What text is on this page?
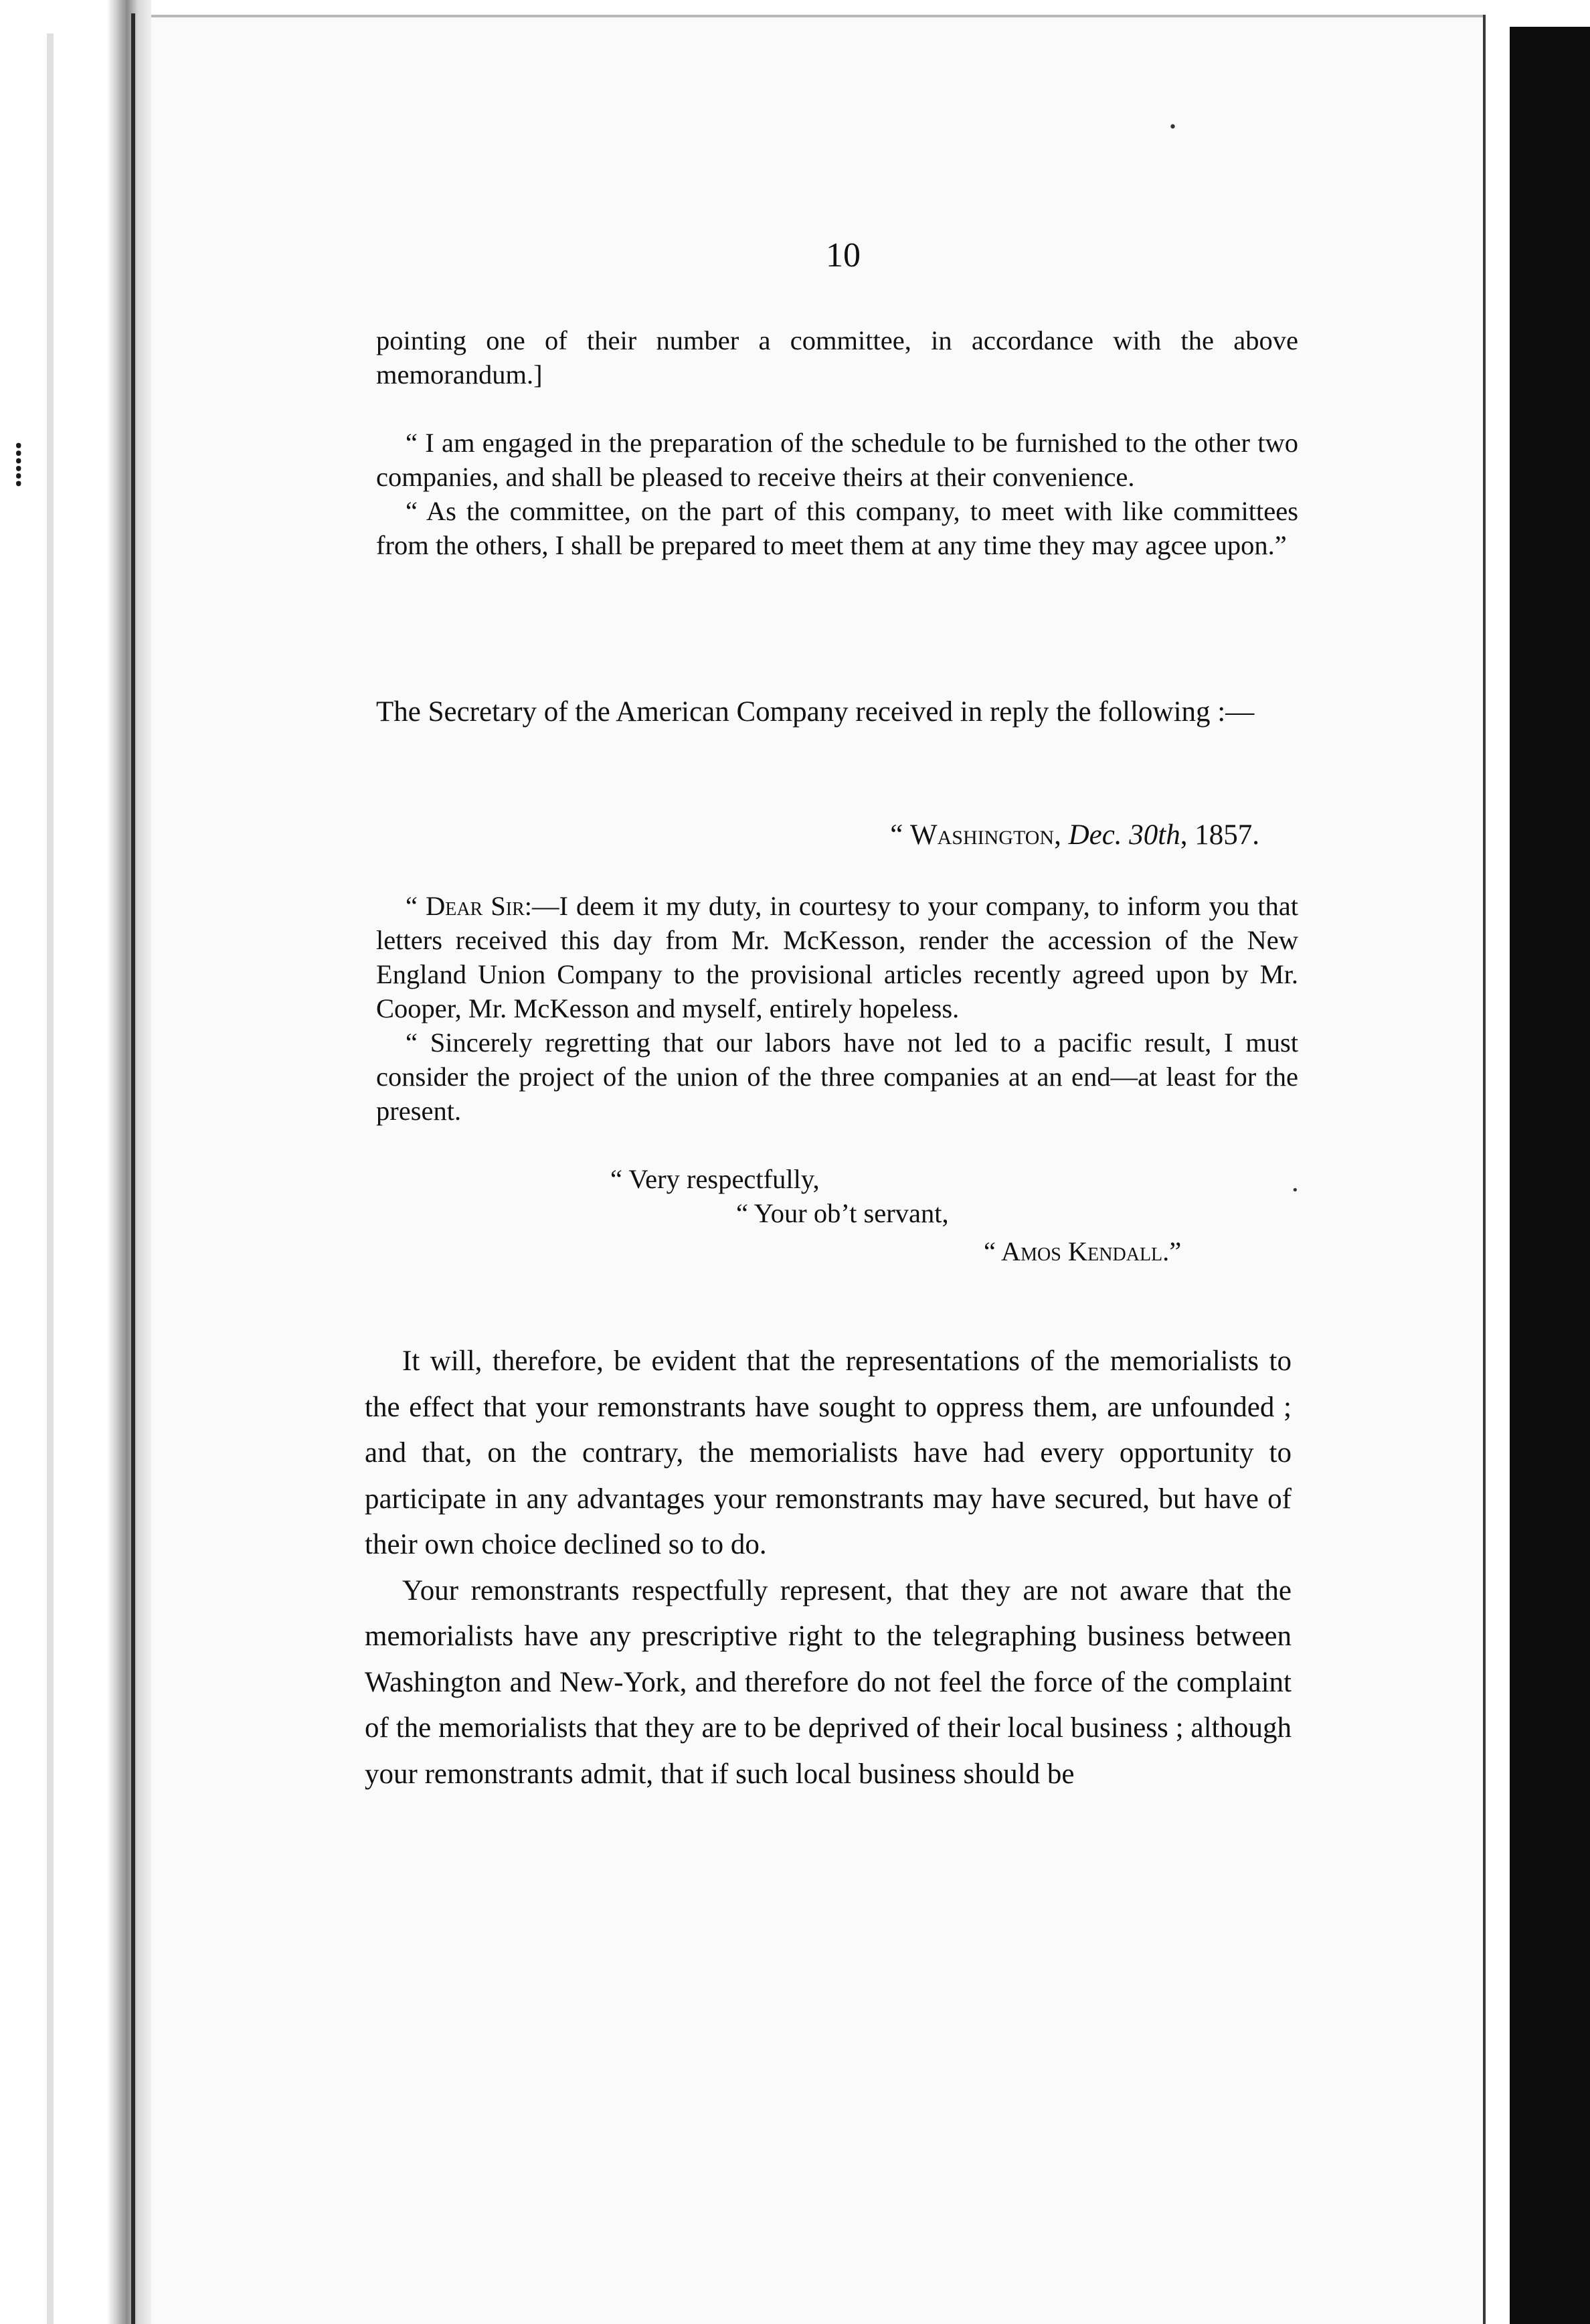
⸽
•
•
10

pointing one of their number a committee, in accordance with the above memorandum.]

“ I am engaged in the preparation of the schedule to be furnished to the other two companies, and shall be pleased to receive theirs at their convenience.

“ As the committee, on the part of this company, to meet with like committees from the others, I shall be prepared to meet them at any time they may agcee upon.”

The Secretary of the American Company received in reply the following :—
“ Washington, Dec. 30th, 1857.

“ Dear Sir:—I deem it my duty, in courtesy to your company, to inform you that letters received this day from Mr. McKesson, render the accession of the New England Union Company to the provisional articles recently agreed upon by Mr. Cooper, Mr. McKesson and myself, entirely hopeless.

“ Sincerely regretting that our labors have not led to a pacific result, I must consider the project of the union of the three companies at an end—at least for the present.

“ Very respectfully,
“ Your ob’t servant,
“ Amos Kendall.”

It will, therefore, be evident that the representations of the memorialists to the effect that your remonstrants have sought to oppress them, are unfounded ; and that, on the contrary, the memorialists have had every opportunity to participate in any advantages your remonstrants may have secured, but have of their own choice declined so to do.

Your remonstrants respectfully represent, that they are not aware that the memorialists have any prescriptive right to the telegraphing business between Washington and New-York, and therefore do not feel the force of the complaint of the memorialists that they are to be deprived of their local business ; although your remonstrants admit, that if such local business should be
